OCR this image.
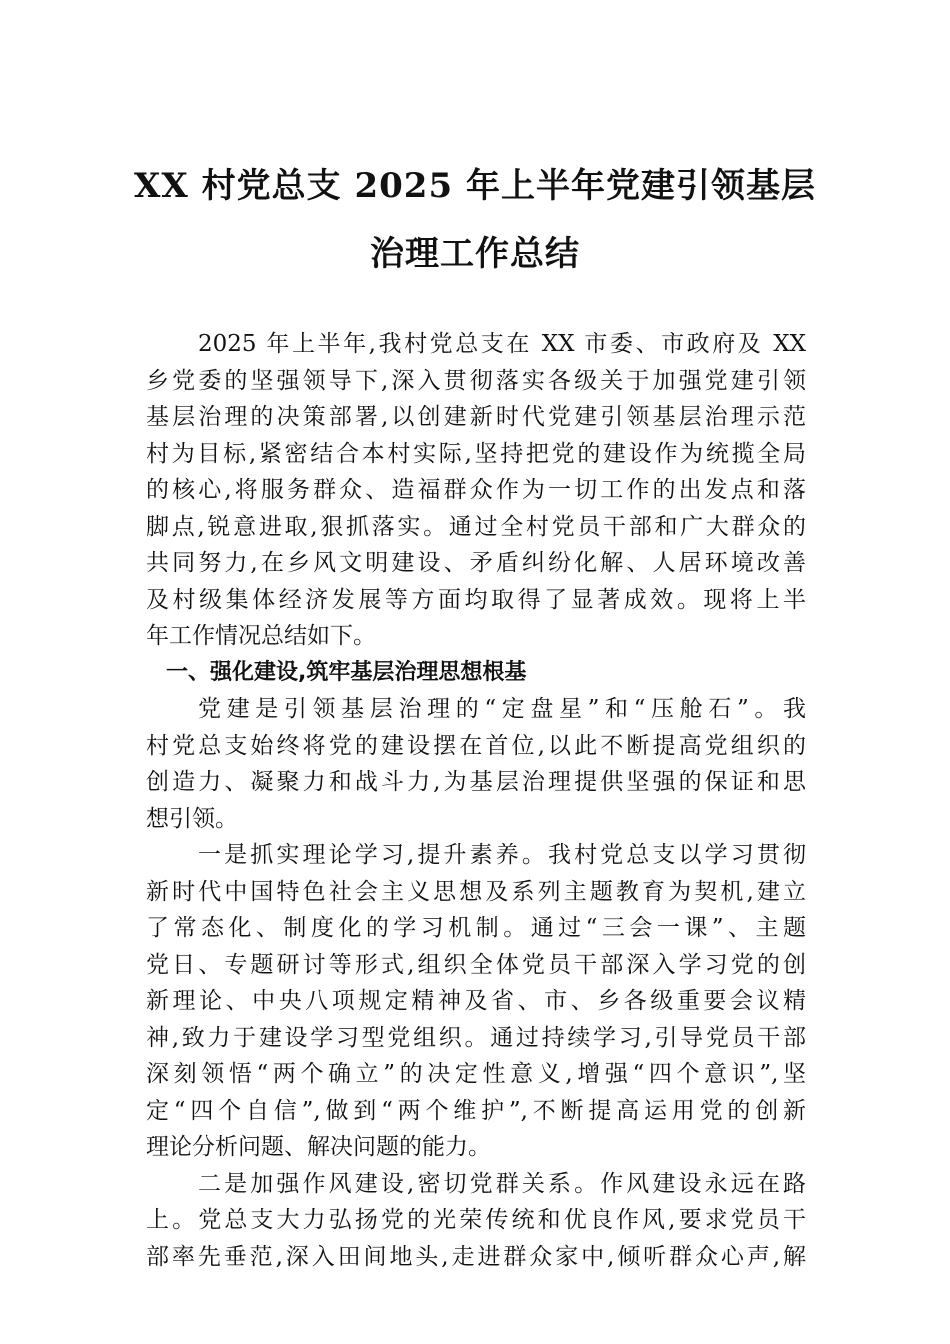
XX 村党总支 2025 年上半年党建引领基层
治理工作总结
2025 年上半年,我村党总支在 XX 市委、市政府及 XX
乡党委的坚强领导下,深入贯彻落实各级关于加强党建引领
基层治理的决策部署,以创建新时代党建引领基层治理示范
村为目标,紧密结合本村实际,坚持把党的建设作为统揽全局
的核心,将服务群众、造福群众作为一切工作的出发点和落
脚点,锐意进取,狠抓落实。通过全村党员干部和广大群众的
共同努力,在乡风文明建设、矛盾纠纷化解、人居环境改善
及村级集体经济发展等方面均取得了显著成效。现将上半
年工作情况总结如下。
一、强化建设,筑牢基层治理思想根基
党建是引领基层治理的“定盘星”和“压舱石”。我
村党总支始终将党的建设摆在首位,以此不断提高党组织的
创造力、凝聚力和战斗力,为基层治理提供坚强的保证和思
想引领。
一是抓实理论学习,提升素养。我村党总支以学习贯彻
新时代中国特色社会主义思想及系列主题教育为契机,建立
了常态化、制度化的学习机制。通过“三会一课”、主题
党日、专题研讨等形式,组织全体党员干部深入学习党的创
新理论、中央八项规定精神及省、市、乡各级重要会议精
神,致力于建设学习型党组织。通过持续学习,引导党员干部
深刻领悟“两个确立”的决定性意义,增强“四个意识”,坚
定“四个自信”,做到“两个维护”,不断提高运用党的创新
理论分析问题、解决问题的能力。
二是加强作风建设,密切党群关系。作风建设永远在路
上。党总支大力弘扬党的光荣传统和优良作风,要求党员干
部率先垂范,深入田间地头,走进群众家中,倾听群众心声,解
